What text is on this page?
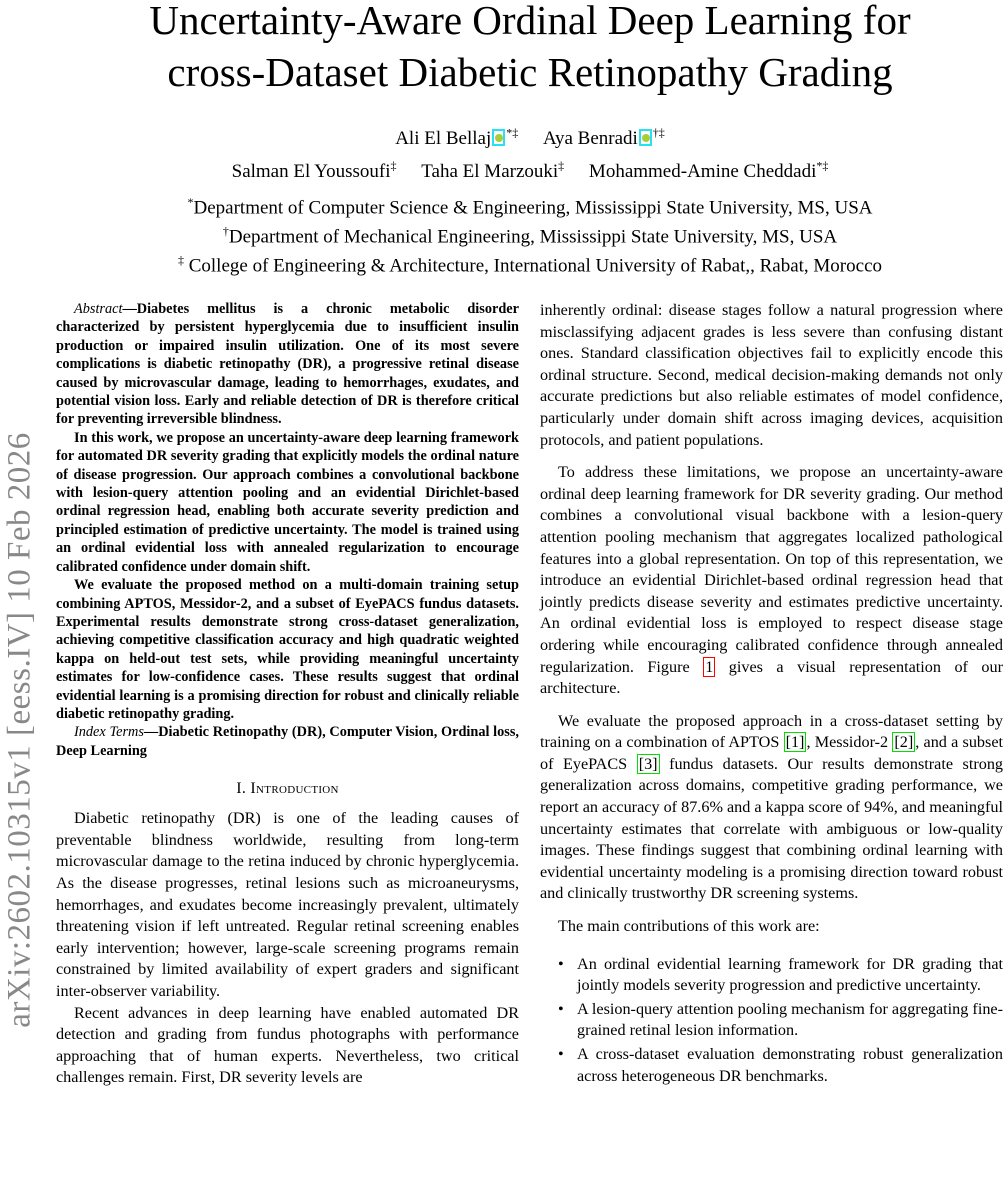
arXiv:2602.10315v1 [eess.IV] 10 Feb 2026
Uncertainty-Aware Ordinal Deep Learning for
cross-Dataset Diabetic Retinopathy Grading
Ali El Bellaj *‡ Aya Benradi †‡
Salman El Youssoufi‡ Taha El Marzouki‡ Mohammed-Amine Cheddadi*‡
*Department of Computer Science & Engineering, Mississippi State University, MS, USA
†Department of Mechanical Engineering, Mississippi State University, MS, USA
‡ College of Engineering & Architecture, International University of Rabat,, Rabat, Morocco

Abstract—Diabetes mellitus is a chronic metabolic disorder characterized by persistent hyperglycemia due to insufficient insulin production or impaired insulin utilization. One of its most severe complications is diabetic retinopathy (DR), a progressive retinal disease caused by microvascular damage, leading to hemorrhages, exudates, and potential vision loss. Early and reliable detection of DR is therefore critical for preventing irreversible blindness.

In this work, we propose an uncertainty-aware deep learning framework for automated DR severity grading that explicitly models the ordinal nature of disease progression. Our approach combines a convolutional backbone with lesion-query attention pooling and an evidential Dirichlet-based ordinal regression head, enabling both accurate severity prediction and principled estimation of predictive uncertainty. The model is trained using an ordinal evidential loss with annealed regularization to encourage calibrated confidence under domain shift.

We evaluate the proposed method on a multi-domain training setup combining APTOS, Messidor-2, and a subset of EyePACS fundus datasets. Experimental results demonstrate strong cross-dataset generalization, achieving competitive classification accuracy and high quadratic weighted kappa on held-out test sets, while providing meaningful uncertainty estimates for low-confidence cases. These results suggest that ordinal evidential learning is a promising direction for robust and clinically reliable diabetic retinopathy grading.

Index Terms—Diabetic Retinopathy (DR), Computer Vision, Ordinal loss, Deep Learning

I. Introduction

Diabetic retinopathy (DR) is one of the leading causes of preventable blindness worldwide, resulting from long-term microvascular damage to the retina induced by chronic hyperglycemia. As the disease progresses, retinal lesions such as microaneurysms, hemorrhages, and exudates become increasingly prevalent, ultimately threatening vision if left untreated. Regular retinal screening enables early intervention; however, large-scale screening programs remain constrained by limited availability of expert graders and significant inter-observer variability.

Recent advances in deep learning have enabled automated DR detection and grading from fundus photographs with performance approaching that of human experts. Nevertheless, two critical challenges remain. First, DR severity levels are

inherently ordinal: disease stages follow a natural progression where misclassifying adjacent grades is less severe than confusing distant ones. Standard classification objectives fail to explicitly encode this ordinal structure. Second, medical decision-making demands not only accurate predictions but also reliable estimates of model confidence, particularly under domain shift across imaging devices, acquisition protocols, and patient populations.

To address these limitations, we propose an uncertainty-aware ordinal deep learning framework for DR severity grading. Our method combines a convolutional visual backbone with a lesion-query attention pooling mechanism that aggregates localized pathological features into a global representation. On top of this representation, we introduce an evidential Dirichlet-based ordinal regression head that jointly predicts disease severity and estimates predictive uncertainty. An ordinal evidential loss is employed to respect disease stage ordering while encouraging calibrated confidence through annealed regularization. Figure 1 gives a visual representation of our architecture.

We evaluate the proposed approach in a cross-dataset setting by training on a combination of APTOS [1] , Messidor-2 [2] , and a subset of EyePACS [3] fundus datasets. Our results demonstrate strong generalization across domains, competitive grading performance, we report an accuracy of 87.6% and a kappa score of 94%, and meaningful uncertainty estimates that correlate with ambiguous or low-quality images. These findings suggest that combining ordinal learning with evidential uncertainty modeling is a promising direction toward robust and clinically trustworthy DR screening systems.

The main contributions of this work are:

• An ordinal evidential learning framework for DR grading that jointly models severity progression and predictive uncertainty.
• A lesion-query attention pooling mechanism for aggregating fine-grained retinal lesion information.
• A cross-dataset evaluation demonstrating robust generalization across heterogeneous DR benchmarks.
